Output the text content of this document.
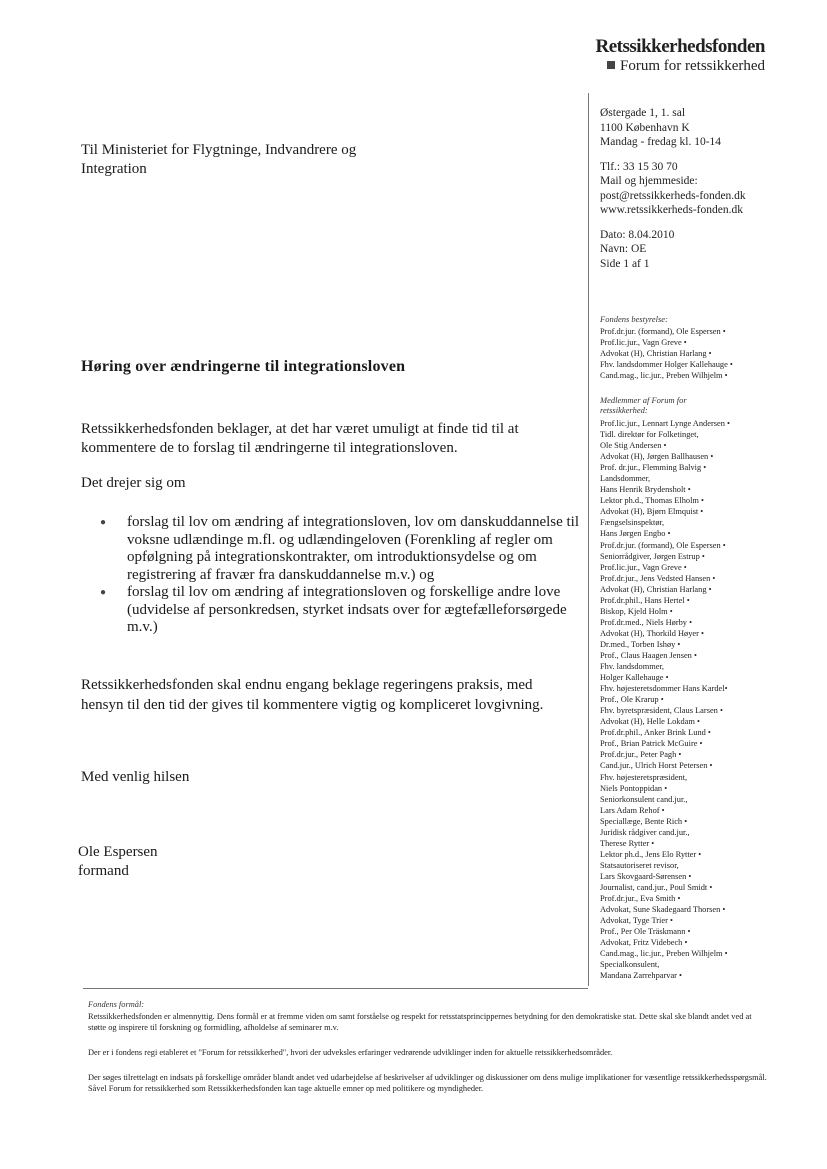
Retssikkerhedsfonden
Forum for retssikkerhed
Østergade 1, 1. sal
1100 København K
Mandag - fredag kl. 10-14
Tlf.: 33 15 30 70
Mail og hjemmeside:
post@retssikkerheds-fonden.dk
www.retssikkerheds-fonden.dk
Dato: 8.04.2010
Navn: OE
Side 1 af 1
Fondens bestyrelse:
Prof.dr.jur. (formand), Ole Espersen •
Prof.lic.jur., Vagn Greve •
Advokat (H), Christian Harlang •
Fhv. landsdommer Holger Kallehauge •
Cand.mag., lic.jur., Preben Wilhjelm •
Medlemmer af Forum for retssikkerhed:
Prof.lic.jur., Lennart Lynge Andersen •
Tidl. direktør for Folketinget,
Ole Stig Andersen •
Advokat (H), Jørgen Ballhausen •
Prof. dr.jur., Flemming Balvig •
Landsdommer,
Hans Henrik Brydensholt •
Lektor ph.d., Thomas Elholm •
Advokat (H), Bjørn Elmquist •
Fængselsinspektør,
Hans Jørgen Engbo •
Prof.dr.jur. (formand), Ole Espersen •
Seniorrådgiver, Jørgen Estrup •
Prof.lic.jur., Vagn Greve •
Prof.dr.jur., Jens Vedsted Hansen •
Advokat (H), Christian Harlang •
Prof.dr.phil., Hans Hertel •
Biskop, Kjeld Holm •
Prof.dr.med., Niels Hørby •
Advokat (H), Thorkild Høyer •
Dr.med., Torben Ishøy •
Prof., Claus Haagen Jensen •
Fhv. landsdommer,
Holger Kallehauge •
Fhv. højesteretsdommer Hans Kardel•
Prof., Ole Krarup •
Fhv. byretspræsident, Claus Larsen •
Advokat (H), Helle Lokdam •
Prof.dr.phil., Anker Brink Lund •
Prof., Brian Patrick McGuire •
Prof.dr.jur., Peter Pagh •
Cand.jur., Ulrich Horst Petersen •
Fhv. højesteretspræsident,
Niels Pontoppidan •
Seniorkonsulent cand.jur.,
Lars Adam Rehof •
Speciallæge, Bente Rich •
Juridisk rådgiver cand.jur.,
Therese Rytter •
Lektor ph.d., Jens Elo Rytter •
Statsautoriseret revisor,
Lars Skovgaard-Sørensen •
Journalist, cand.jur., Poul Smidt •
Prof.dr.jur., Eva Smith •
Advokat, Sune Skadegaard Thorsen •
Advokat, Tyge Trier •
Prof., Per Ole Träskmann •
Advokat, Fritz Videbech •
Cand.mag., lic.jur., Preben Wilhjelm •
Specialkonsulent,
Mandana Zarrehparvar •
Til Ministeriet for Flygtninge, Indvandrere og
Integration
Høring over ændringerne til integrationsloven
Retssikkerhedsfonden beklager, at det har været umuligt at finde tid til at kommentere de to forslag til ændringerne til integrationsloven.
Det drejer sig om
● forslag til lov om ændring af integrationsloven, lov om danskuddannelse til voksne udlændinge m.fl. og udlændingeloven (Forenkling af regler om opfølgning på integrationskontrakter, om introduktionsydelse og om registrering af fravær fra danskuddannelse m.v.) og
● forslag til lov om ændring af integrationsloven og forskellige andre love (udvidelse af personkredsen, styrket indsats over for ægtefælleforsørgede m.v.)
Retssikkerhedsfonden skal endnu engang beklage regeringens praksis, med hensyn til den tid der gives til kommentere vigtig og kompliceret lovgivning.
Med venlig hilsen
Ole Espersen
formand
Fondens formål:
Retssikkerhedsfonden er almennyttig. Dens formål er at fremme viden om samt forståelse og respekt for retsstatsprincippernes betydning for den demokratiske stat. Dette skal ske blandt andet ved at støtte og inspirere til forskning og formidling, afholdelse af seminarer m.v.
Der er i fondens regi etableret et "Forum for retssikkerhed", hvori der udveksles erfaringer vedrørende udviklinger inden for aktuelle retssikkerhedsområder.
Der søges tilrettelagt en indsats på forskellige områder blandt andet ved udarbejdelse af beskrivelser af udviklinger og diskussioner om dens mulige implikationer for væsentlige retssikkerhedsspørgsmål. Såvel Forum for retssikkerhed som Retssikkerhedsfonden kan tage aktuelle emner op med politikere og myndigheder.
